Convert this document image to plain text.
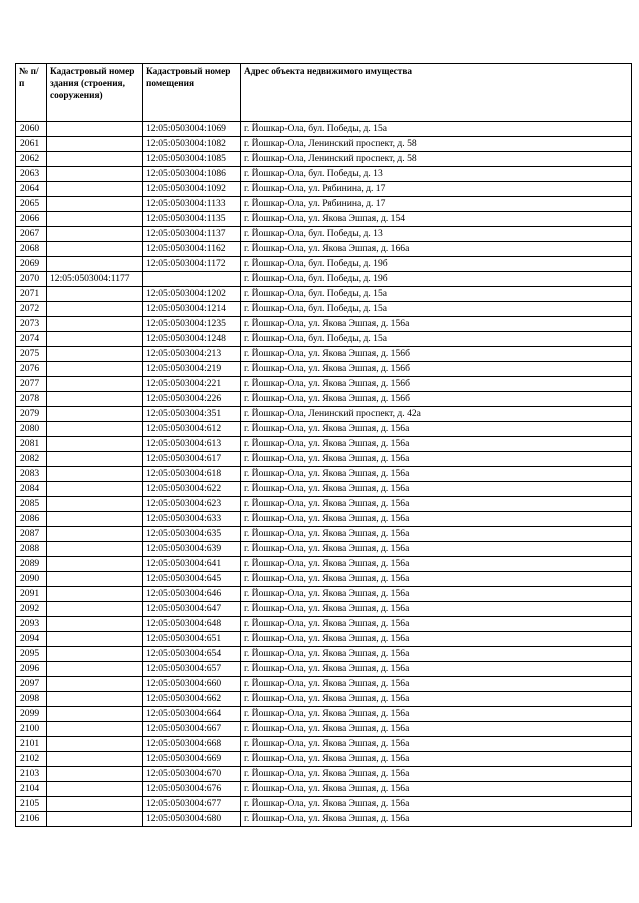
№ п/п	Кадастровый номер здания (строения, сооружения)	Кадастровый номер помещения	Адрес объекта недвижимого имущества
2060		12:05:0503004:1069	г. Йошкар-Ола, бул. Победы, д. 15а
2061		12:05:0503004:1082	г. Йошкар-Ола, Ленинский проспект, д. 58
2062		12:05:0503004:1085	г. Йошкар-Ола, Ленинский проспект, д. 58
2063		12:05:0503004:1086	г. Йошкар-Ола, бул. Победы, д. 13
2064		12:05:0503004:1092	г. Йошкар-Ола, ул. Рябинина, д. 17
2065		12:05:0503004:1133	г. Йошкар-Ола, ул. Рябинина, д. 17
2066		12:05:0503004:1135	г. Йошкар-Ола, ул. Якова Эшпая, д. 154
2067		12:05:0503004:1137	г. Йошкар-Ола, бул. Победы, д. 13
2068		12:05:0503004:1162	г. Йошкар-Ола, ул. Якова Эшпая, д. 166а
2069		12:05:0503004:1172	г. Йошкар-Ола, бул. Победы, д. 19б
2070	12:05:0503004:1177		г. Йошкар-Ола, бул. Победы, д. 19б
2071		12:05:0503004:1202	г. Йошкар-Ола, бул. Победы, д. 15а
2072		12:05:0503004:1214	г. Йошкар-Ола, бул. Победы, д. 15а
2073		12:05:0503004:1235	г. Йошкар-Ола, ул. Якова Эшпая, д. 156а
2074		12:05:0503004:1248	г. Йошкар-Ола, бул. Победы, д. 15а
2075		12:05:0503004:213	г. Йошкар-Ола, ул. Якова Эшпая, д. 156б
2076		12:05:0503004:219	г. Йошкар-Ола, ул. Якова Эшпая, д. 156б
2077		12:05:0503004:221	г. Йошкар-Ола, ул. Якова Эшпая, д. 156б
2078		12:05:0503004:226	г. Йошкар-Ола, ул. Якова Эшпая, д. 156б
2079		12:05:0503004:351	г. Йошкар-Ола, Ленинский проспект, д. 42а
2080		12:05:0503004:612	г. Йошкар-Ола, ул. Якова Эшпая, д. 156а
2081		12:05:0503004:613	г. Йошкар-Ола, ул. Якова Эшпая, д. 156а
2082		12:05:0503004:617	г. Йошкар-Ола, ул. Якова Эшпая, д. 156а
2083		12:05:0503004:618	г. Йошкар-Ола, ул. Якова Эшпая, д. 156а
2084		12:05:0503004:622	г. Йошкар-Ола, ул. Якова Эшпая, д. 156а
2085		12:05:0503004:623	г. Йошкар-Ола, ул. Якова Эшпая, д. 156а
2086		12:05:0503004:633	г. Йошкар-Ола, ул. Якова Эшпая, д. 156а
2087		12:05:0503004:635	г. Йошкар-Ола, ул. Якова Эшпая, д. 156а
2088		12:05:0503004:639	г. Йошкар-Ола, ул. Якова Эшпая, д. 156а
2089		12:05:0503004:641	г. Йошкар-Ола, ул. Якова Эшпая, д. 156а
2090		12:05:0503004:645	г. Йошкар-Ола, ул. Якова Эшпая, д. 156а
2091		12:05:0503004:646	г. Йошкар-Ола, ул. Якова Эшпая, д. 156а
2092		12:05:0503004:647	г. Йошкар-Ола, ул. Якова Эшпая, д. 156а
2093		12:05:0503004:648	г. Йошкар-Ола, ул. Якова Эшпая, д. 156а
2094		12:05:0503004:651	г. Йошкар-Ола, ул. Якова Эшпая, д. 156а
2095		12:05:0503004:654	г. Йошкар-Ола, ул. Якова Эшпая, д. 156а
2096		12:05:0503004:657	г. Йошкар-Ола, ул. Якова Эшпая, д. 156а
2097		12:05:0503004:660	г. Йошкар-Ола, ул. Якова Эшпая, д. 156а
2098		12:05:0503004:662	г. Йошкар-Ола, ул. Якова Эшпая, д. 156а
2099		12:05:0503004:664	г. Йошкар-Ола, ул. Якова Эшпая, д. 156а
2100		12:05:0503004:667	г. Йошкар-Ола, ул. Якова Эшпая, д. 156а
2101		12:05:0503004:668	г. Йошкар-Ола, ул. Якова Эшпая, д. 156а
2102		12:05:0503004:669	г. Йошкар-Ола, ул. Якова Эшпая, д. 156а
2103		12:05:0503004:670	г. Йошкар-Ола, ул. Якова Эшпая, д. 156а
2104		12:05:0503004:676	г. Йошкар-Ола, ул. Якова Эшпая, д. 156а
2105		12:05:0503004:677	г. Йошкар-Ола, ул. Якова Эшпая, д. 156а
2106		12:05:0503004:680	г. Йошкар-Ола, ул. Якова Эшпая, д. 156а
